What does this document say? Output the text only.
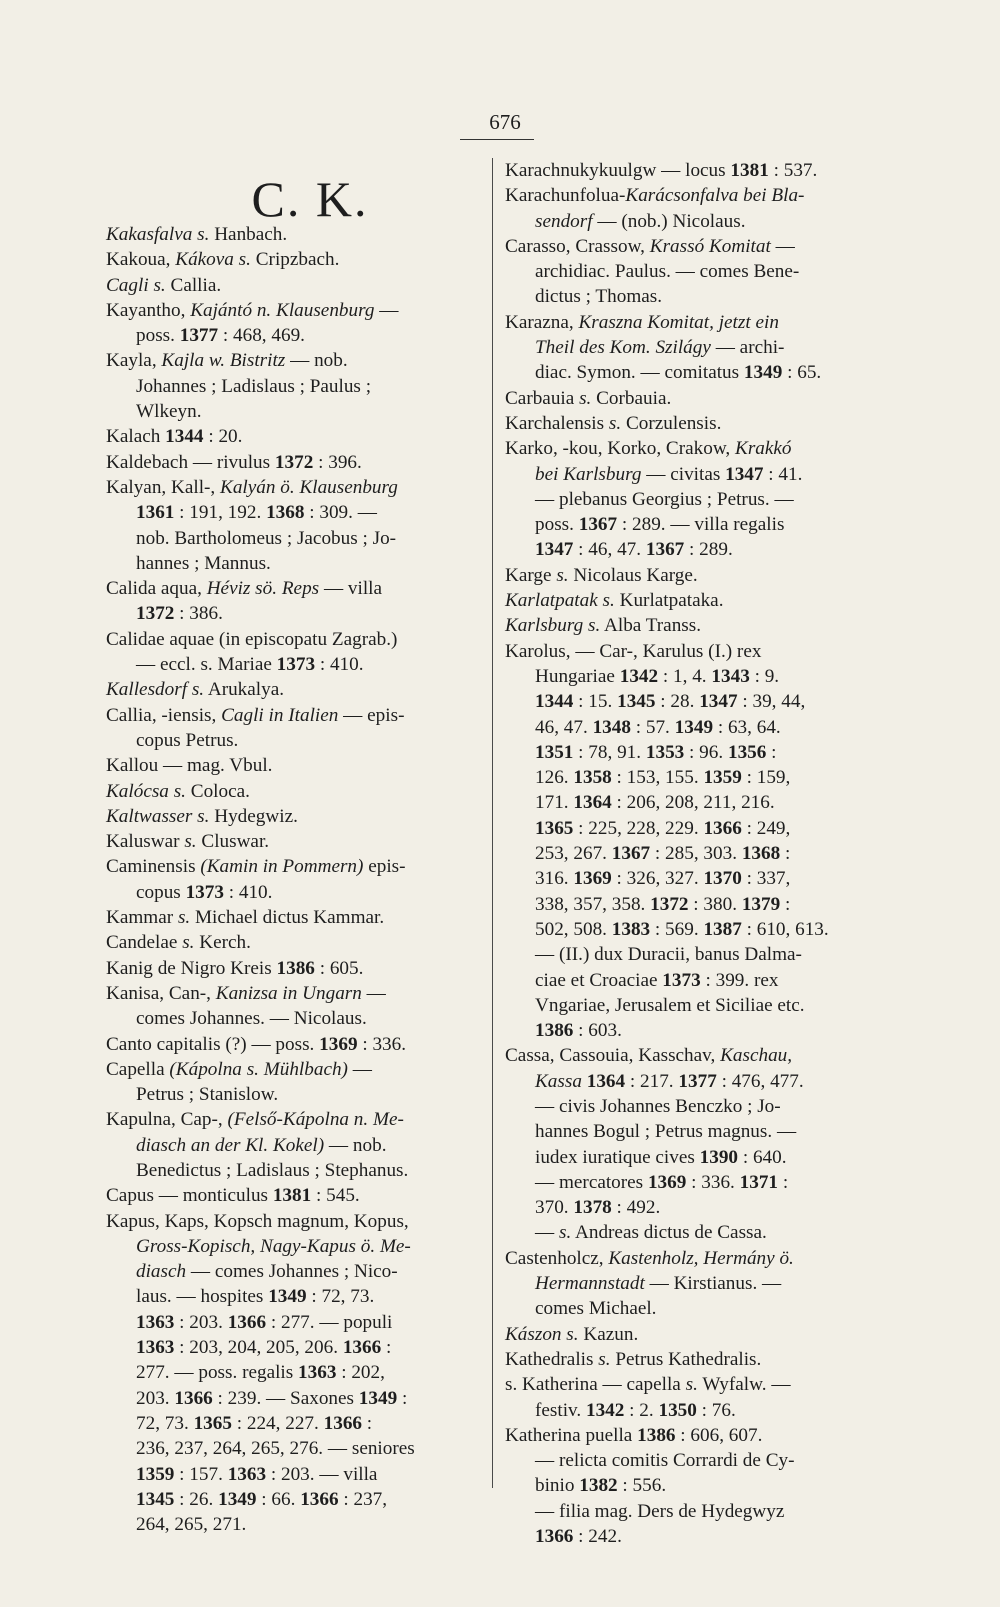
676
C. K.
Kakasfalva s. Hanbach.
Kakoua, Kákova s. Cripzbach.
Cagli s. Callia.
Kayantho, Kajántó n. Klausenburg —
poss. 1377 : 468, 469.
Kayla, Kajla w. Bistritz — nob.
Johannes ; Ladislaus ; Paulus ;
Wlkeyn.
Kalach 1344 : 20.
Kaldebach — rivulus 1372 : 396.
Kalyan, Kall-, Kalyán ö. Klausenburg
1361 : 191, 192. 1368 : 309. —
nob. Bartholomeus ; Jacobus ; Jo-
hannes ; Mannus.
Calida aqua, Héviz sö. Reps — villa
1372 : 386.
Calidae aquae (in episcopatu Zagrab.)
— eccl. s. Mariae 1373 : 410.
Kallesdorf s. Arukalya.
Callia, -iensis, Cagli in Italien — epis-
copus Petrus.
Kallou — mag. Vbul.
Kalócsa s. Coloca.
Kaltwasser s. Hydegwiz.
Kaluswar s. Cluswar.
Caminensis (Kamin in Pommern) epis-
copus 1373 : 410.
Kammar s. Michael dictus Kammar.
Candelae s. Kerch.
Kanig de Nigro Kreis 1386 : 605.
Kanisa, Can-, Kanizsa in Ungarn —
comes Johannes. — Nicolaus.
Canto capitalis (?) — poss. 1369 : 336.
Capella (Kápolna s. Mühlbach) —
Petrus ; Stanislow.
Kapulna, Cap-, (Felső-Kápolna n. Me-
diasch an der Kl. Kokel) — nob.
Benedictus ; Ladislaus ; Stephanus.
Capus — monticulus 1381 : 545.
Kapus, Kaps, Kopsch magnum, Kopus,
Gross-Kopisch, Nagy-Kapus ö. Me-
diasch — comes Johannes ; Nico-
laus. — hospites 1349 : 72, 73.
1363 : 203. 1366 : 277. — populi
1363 : 203, 204, 205, 206. 1366 :
277. — poss. regalis 1363 : 202,
203. 1366 : 239. — Saxones 1349 :
72, 73. 1365 : 224, 227. 1366 :
236, 237, 264, 265, 276. — seniores
1359 : 157. 1363 : 203. — villa
1345 : 26. 1349 : 66. 1366 : 237,
264, 265, 271.
Karachnukykuulgw — locus 1381 : 537.
Karachunfolua-Karácsonfalva bei Bla-
sendorf — (nob.) Nicolaus.
Carasso, Crassow, Krassó Komitat —
archidiac. Paulus. — comes Bene-
dictus ; Thomas.
Karazna, Kraszna Komitat, jetzt ein
Theil des Kom. Szilágy — archi-
diac. Symon. — comitatus 1349 : 65.
Carbauia s. Corbauia.
Karchalensis s. Corzulensis.
Karko, -kou, Korko, Crakow, Krakkó
bei Karlsburg — civitas 1347 : 41.
— plebanus Georgius ; Petrus. —
poss. 1367 : 289. — villa regalis
1347 : 46, 47. 1367 : 289.
Karge s. Nicolaus Karge.
Karlatpatak s. Kurlatpataka.
Karlsburg s. Alba Transs.
Karolus, — Car-, Karulus (I.) rex
Hungariae 1342 : 1, 4. 1343 : 9.
1344 : 15. 1345 : 28. 1347 : 39, 44,
46, 47. 1348 : 57. 1349 : 63, 64.
1351 : 78, 91. 1353 : 96. 1356 :
126. 1358 : 153, 155. 1359 : 159,
171. 1364 : 206, 208, 211, 216.
1365 : 225, 228, 229. 1366 : 249,
253, 267. 1367 : 285, 303. 1368 :
316. 1369 : 326, 327. 1370 : 337,
338, 357, 358. 1372 : 380. 1379 :
502, 508. 1383 : 569. 1387 : 610, 613.
— (II.) dux Duracii, banus Dalma-
ciae et Croaciae 1373 : 399. rex
Vngariae, Jerusalem et Siciliae etc.
1386 : 603.
Cassa, Cassouia, Kasschav, Kaschau,
Kassa 1364 : 217. 1377 : 476, 477.
— civis Johannes Benczko ; Jo-
hannes Bogul ; Petrus magnus. —
iudex iuratique cives 1390 : 640.
— mercatores 1369 : 336. 1371 :
370. 1378 : 492.
— s. Andreas dictus de Cassa.
Castenholcz, Kastenholz, Hermány ö.
Hermannstadt — Kirstianus. —
comes Michael.
Kászon s. Kazun.
Kathedralis s. Petrus Kathedralis.
s. Katherina — capella s. Wyfalw. —
festiv. 1342 : 2. 1350 : 76.
Katherina puella 1386 : 606, 607.
— relicta comitis Corrardi de Cy-
binio 1382 : 556.
— filia mag. Ders de Hydegwyz
1366 : 242.
